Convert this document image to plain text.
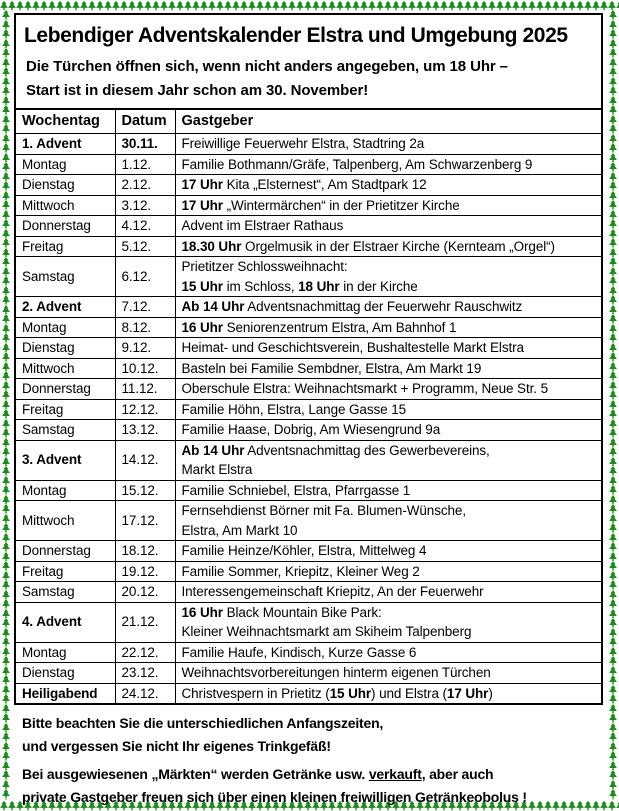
Lebendiger Adventskalender Elstra und Umgebung 2025

Die Türchen öffnen sich, wenn nicht anders angegeben, um 18 Uhr –

Start ist in diesem Jahr schon am 30. November!

Wochentag	Datum	Gastgeber
1. Advent	30.11.	Freiwillige Feuerwehr Elstra, Stadtring 2a

Montag	1.12.	Familie Bothmann/Gräfe, Talpenberg, Am Schwarzenberg 9

Dienstag	2.12.	17 Uhr Kita „Elsternest“, Am Stadtpark 12

Mittwoch	3.12.	17 Uhr „Wintermärchen“ in der Prietitzer Kirche

Donnerstag	4.12.	Advent im Elstraer Rathaus

Freitag	5.12.	18.30 Uhr Orgelmusik in der Elstraer Kirche (Kernteam „Orgel“)

Samstag	6.12.	Prietitzer Schlossweihnacht:
15 Uhr im Schloss, 18 Uhr in der Kirche

2. Advent	7.12.	Ab 14 Uhr Adventsnachmittag der Feuerwehr Rauschwitz

Montag	8.12.	16 Uhr Seniorenzentrum Elstra, Am Bahnhof 1

Dienstag	9.12.	Heimat- und Geschichtsverein, Bushaltestelle Markt Elstra

Mittwoch	10.12.	Basteln bei Familie Sembdner, Elstra, Am Markt 19

Donnerstag	11.12.	Oberschule Elstra: Weihnachtsmarkt + Programm, Neue Str. 5

Freitag	12.12.	Familie Höhn, Elstra, Lange Gasse 15

Samstag	13.12.	Familie Haase, Dobrig, Am Wiesengrund 9a

3. Advent	14.12.	Ab 14 Uhr Adventsnachmittag des Gewerbevereins,
Markt Elstra

Montag	15.12.	Familie Schniebel, Elstra, Pfarrgasse 1

Mittwoch	17.12.	Fernsehdienst Börner mit Fa. Blumen-Wünsche,
Elstra, Am Markt 10

Donnerstag	18.12.	Familie Heinze/Köhler, Elstra, Mittelweg 4

Freitag	19.12.	Familie Sommer, Kriepitz, Kleiner Weg 2

Samstag	20.12.	Interessengemeinschaft Kriepitz, An der Feuerwehr

4. Advent	21.12.	16 Uhr Black Mountain Bike Park:
Kleiner Weihnachtsmarkt am Skiheim Talpenberg

Montag	22.12.	Familie Haufe, Kindisch, Kurze Gasse 6

Dienstag	23.12.	Weihnachtsvorbereitungen hinterm eigenen Türchen

Heiligabend	24.12.	Christvespern in Prietitz (15 Uhr) und Elstra (17 Uhr)

Bitte beachten Sie die unterschiedlichen Anfangszeiten,
und vergessen Sie nicht Ihr eigenes Trinkgefäß!

Bei ausgewiesenen „Märkten“ werden Getränke usw. verkauft, aber auch
private Gastgeber freuen sich über einen kleinen freiwilligen Getränkeobolus !
